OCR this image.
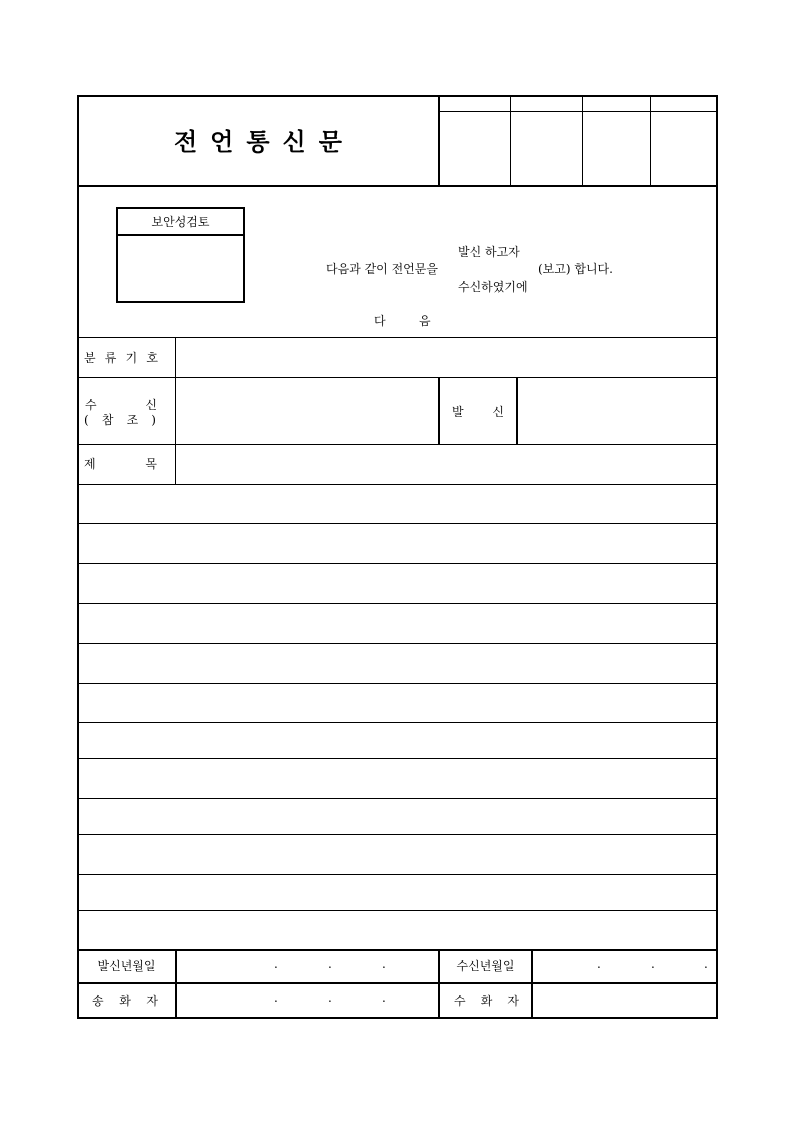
전언통신문
보안성검토
발신 하고자
다음과 같이 전언문을	(보고) 합니다.
수신하였기에
다	음
분 류 기 호
수	신
( 참 조 )
발 신
제	목
발신년월일	.	.	.	수신년월일	.	.	.
송 화 자	.	.	.	수 화 자
